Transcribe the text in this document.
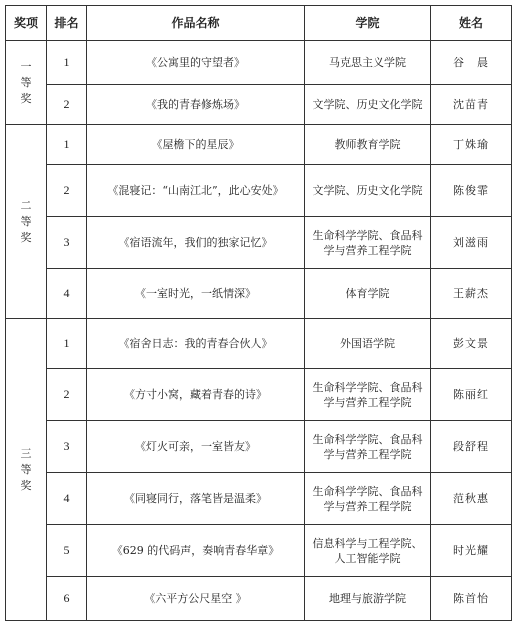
奖项	排名	作品名称	学院	姓名
一等奖	1	《公寓里的守望者》	马克思主义学院	谷　晨
	2	《我的青春修炼场》	文学院、历史文化学院	沈苗青
二等奖	1	《屋檐下的星辰》	教师教育学院	丁姝瑜
	2	《混寝记：“山南江北”，此心安处》	文学院、历史文化学院	陈俊霏
	3	《宿语流年，我们的独家记忆》	生命科学学院、食品科学与营养工程学院	刘滋雨
	4	《一室时光，一纸情深》	体育学院	王薪杰
三等奖	1	《宿舍日志：我的青春合伙人》	外国语学院	彭文景
	2	《方寸小窝，藏着青春的诗》	生命科学学院、食品科学与营养工程学院	陈丽红
	3	《灯火可亲，一室皆友》	生命科学学院、食品科学与营养工程学院	段舒程
	4	《同寝同行，落笔皆是温柔》	生命科学学院、食品科学与营养工程学院	范秋惠
	5	《629 的代码声，奏响青春华章》	信息科学与工程学院、人工智能学院	时光耀
	6	《六平方公尺星空 》	地理与旅游学院	陈首怡
